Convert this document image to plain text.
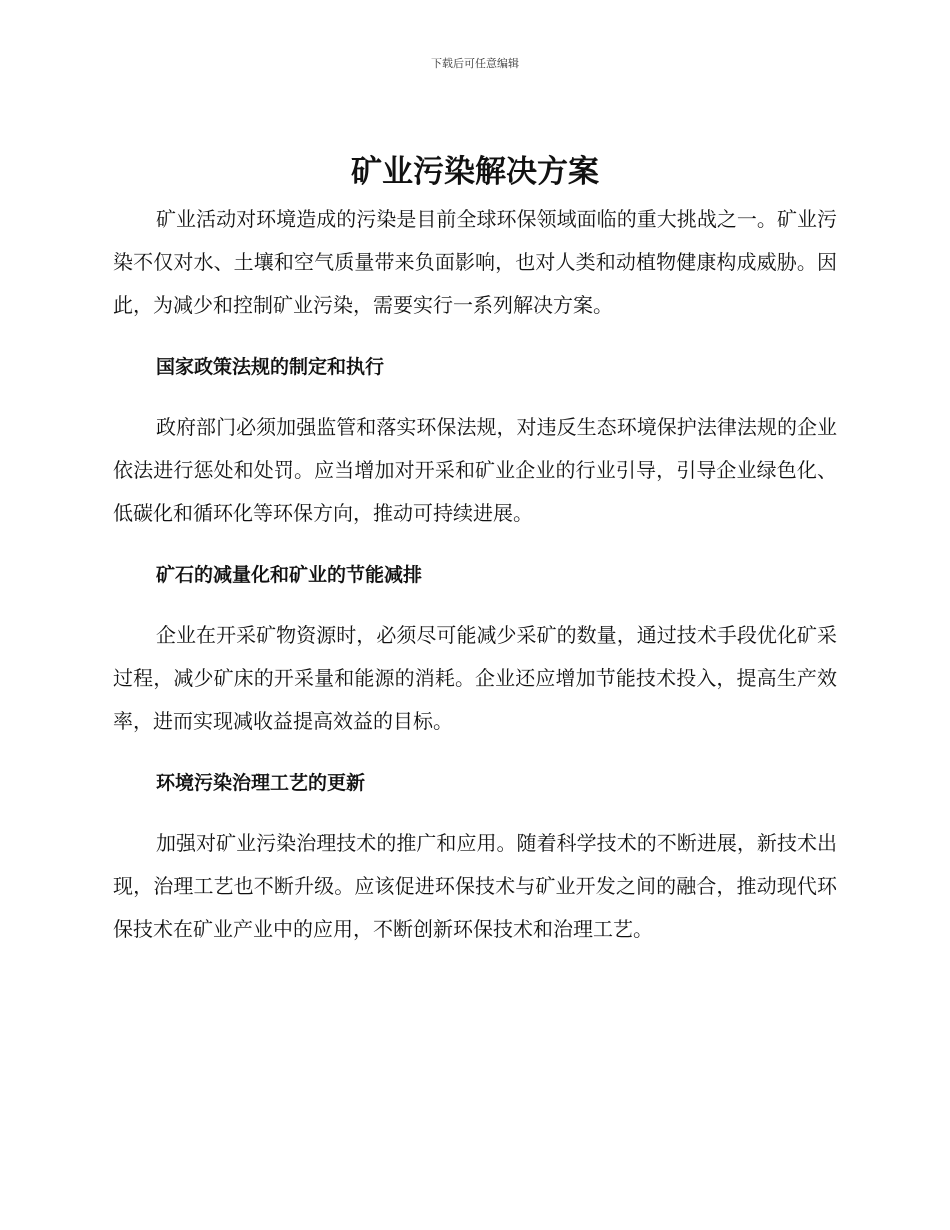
下载后可任意编辑
矿业污染解决方案

矿业活动对环境造成的污染是目前全球环保领域面临的重大挑战之一。矿业污染不仅对水、土壤和空气质量带来负面影响，也对人类和动植物健康构成威胁。因此，为减少和控制矿业污染，需要实行一系列解决方案。

国家政策法规的制定和执行

政府部门必须加强监管和落实环保法规，对违反生态环境保护法律法规的企业依法进行惩处和处罚。应当增加对开采和矿业企业的行业引导，引导企业绿色化、低碳化和循环化等环保方向，推动可持续进展。

矿石的减量化和矿业的节能减排

企业在开采矿物资源时，必须尽可能减少采矿的数量，通过技术手段优化矿采过程，减少矿床的开采量和能源的消耗。企业还应增加节能技术投入，提高生产效率，进而实现减收益提高效益的目标。

环境污染治理工艺的更新

加强对矿业污染治理技术的推广和应用。随着科学技术的不断进展，新技术出现，治理工艺也不断升级。应该促进环保技术与矿业开发之间的融合，推动现代环保技术在矿业产业中的应用，不断创新环保技术和治理工艺。
